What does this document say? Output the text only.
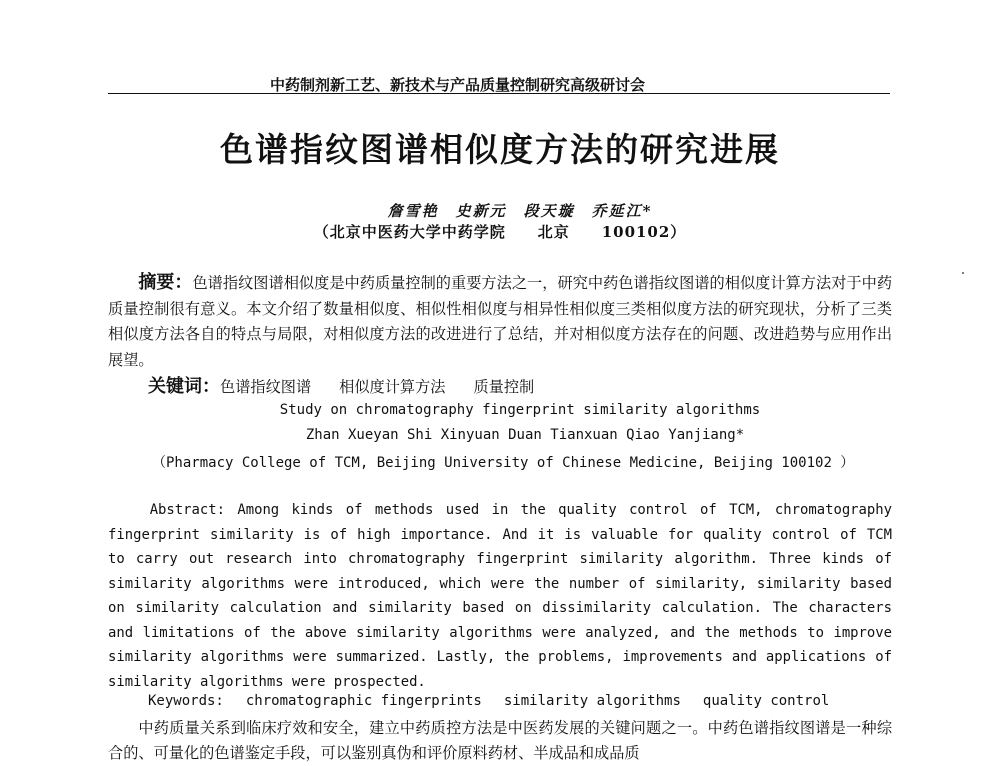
中药制剂新工艺、新技术与产品质量控制研究高级研讨会
色谱指纹图谱相似度方法的研究进展
詹雪艳　史新元　段天璇　乔延江*
（北京中医药大学中药学院　　北京　　100102）

摘要：色谱指纹图谱相似度是中药质量控制的重要方法之一，研究中药色谱指纹图谱的相似度计算方法对于中药质量控制很有意义。本文介绍了数量相似度、相似性相似度与相异性相似度三类相似度方法的研究现状，分析了三类相似度方法各自的特点与局限，对相似度方法的改进进行了总结，并对相似度方法存在的问题、改进趋势与应用作出展望。

关键词：色谱指纹图谱 相似度计算方法 质量控制

Study on chromatography fingerprint similarity algorithms
Zhan Xueyan Shi Xinyuan Duan Tianxuan Qiao Yanjiang*

（Pharmacy College of TCM, Beijing University of Chinese Medicine, Beijing 100102 ）

Abstract: Among kinds of methods used in the quality control of TCM, chromatography fingerprint similarity is of high importance. And it is valuable for quality control of TCM to carry out research into chromatography fingerprint similarity algorithm. Three kinds of similarity algorithms were introduced, which were the number of similarity, similarity based on similarity calculation and similarity based on dissimilarity calculation. The characters and limitations of the above similarity algorithms were analyzed, and the methods to improve similarity algorithms were summarized. Lastly, the problems, improvements and applications of similarity algorithms were prospected.

Keywords: chromatographic fingerprints similarity algorithms quality control

中药质量关系到临床疗效和安全，建立中药质控方法是中医药发展的关键问题之一。中药色谱指纹图谱是一种综合的、可量化的色谱鉴定手段，可以鉴别真伪和评价原料药材、半成品和成品质
